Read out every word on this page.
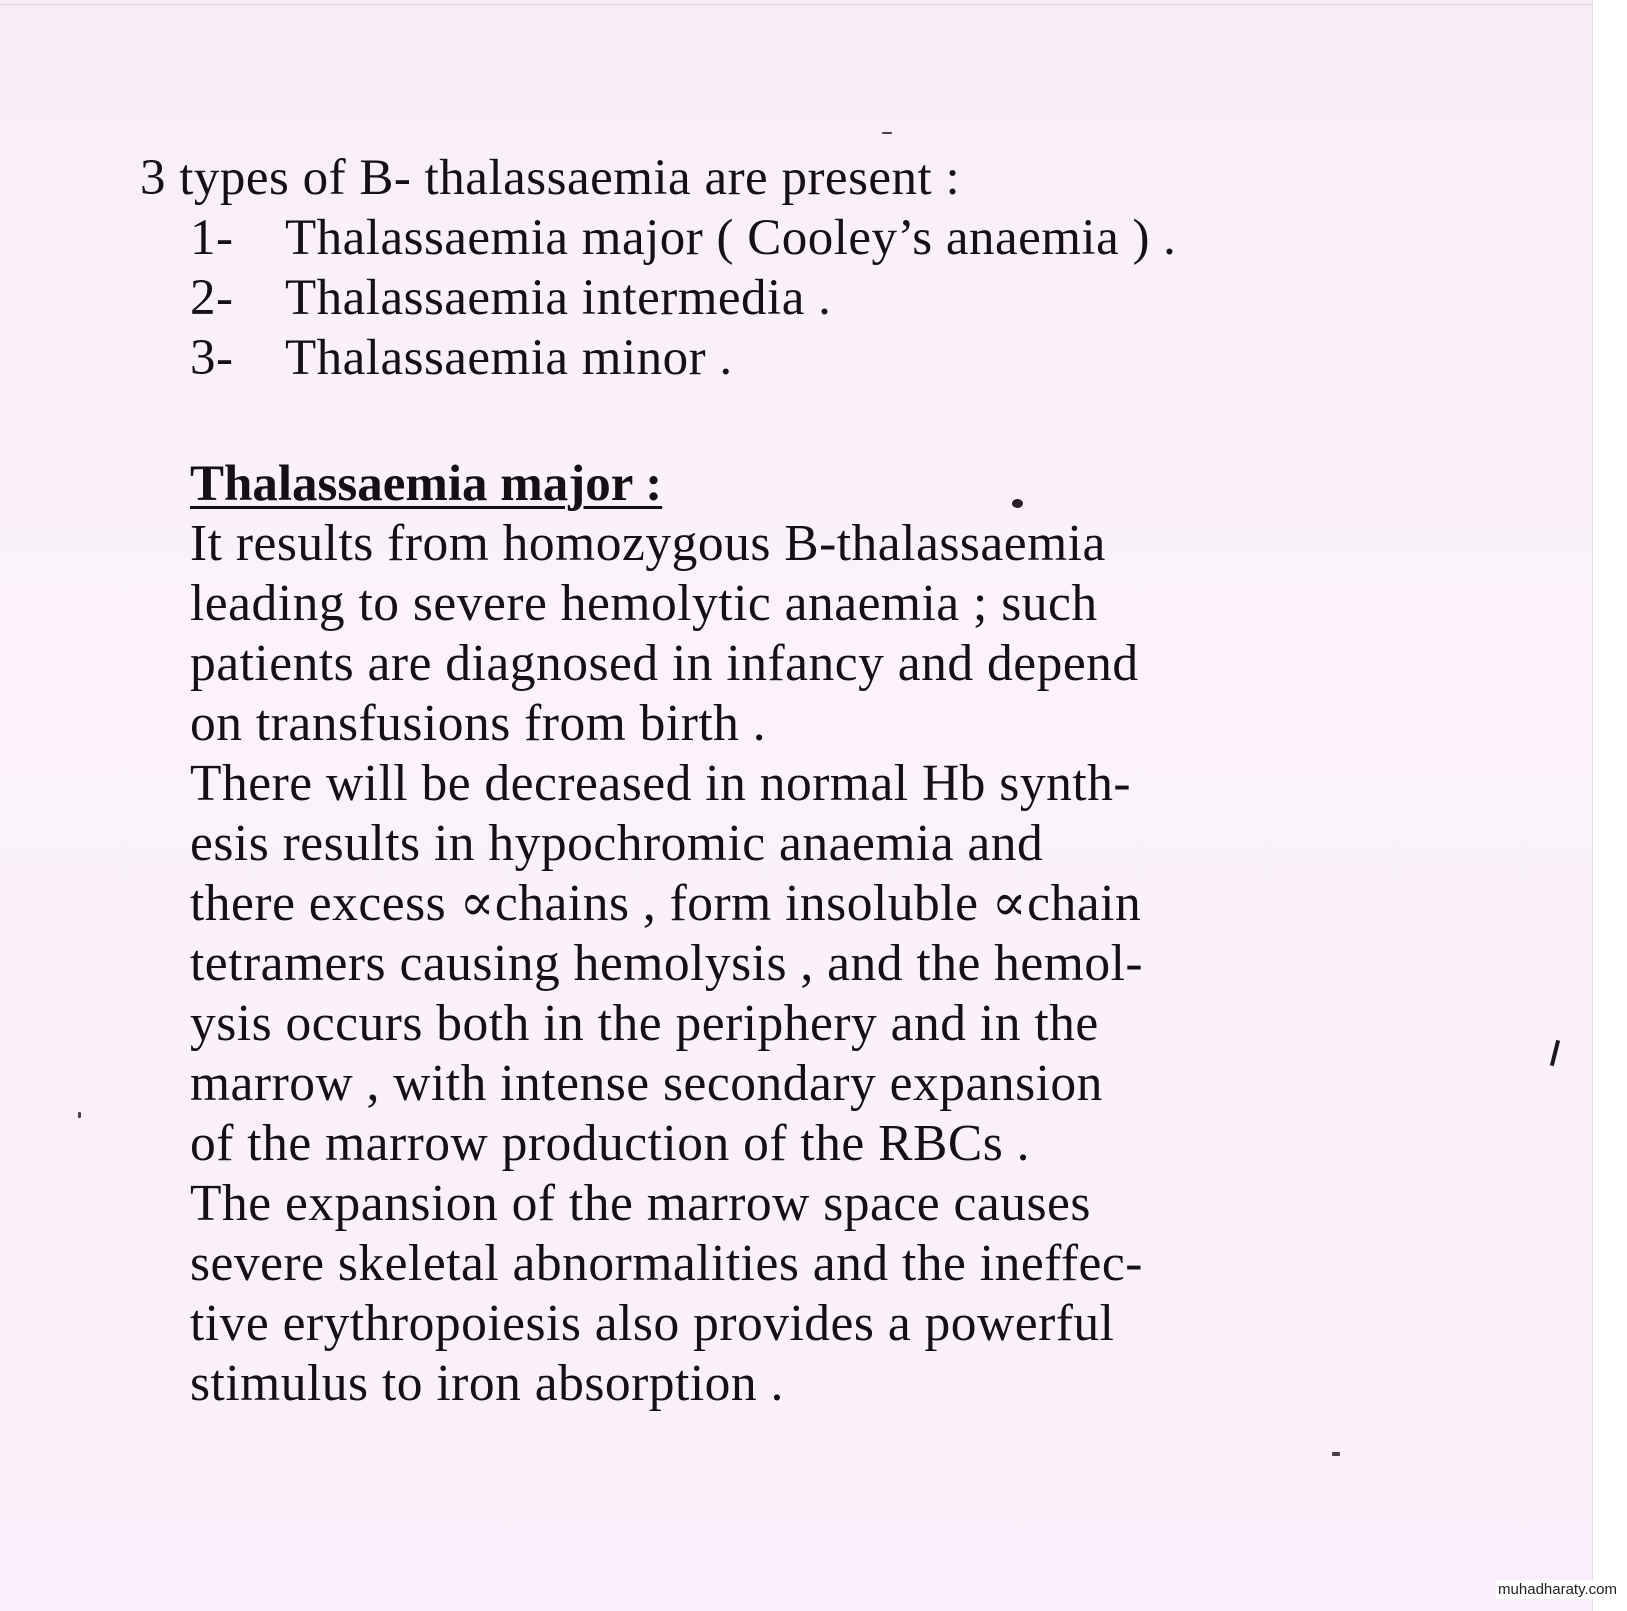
3 types of B- thalassaemia are present :
1- Thalassaemia major ( Cooley’s anaemia ) .
2- Thalassaemia intermedia .
3- Thalassaemia minor .
Thalassaemia major :
It results from homozygous B-thalassaemia
leading to severe hemolytic anaemia ; such
patients are diagnosed in infancy and depend
on transfusions from birth .
There will be decreased in normal Hb synth-
esis results in hypochromic anaemia and
there excess ∝chains , form insoluble ∝chain
tetramers causing hemolysis , and the hemol-
ysis occurs both in the periphery and in the
marrow , with intense secondary expansion
of the marrow production of the RBCs .
The expansion of the marrow space causes
severe skeletal abnormalities and the ineffec-
tive erythropoiesis also provides a powerful
stimulus to iron absorption .
muhadharaty.com
